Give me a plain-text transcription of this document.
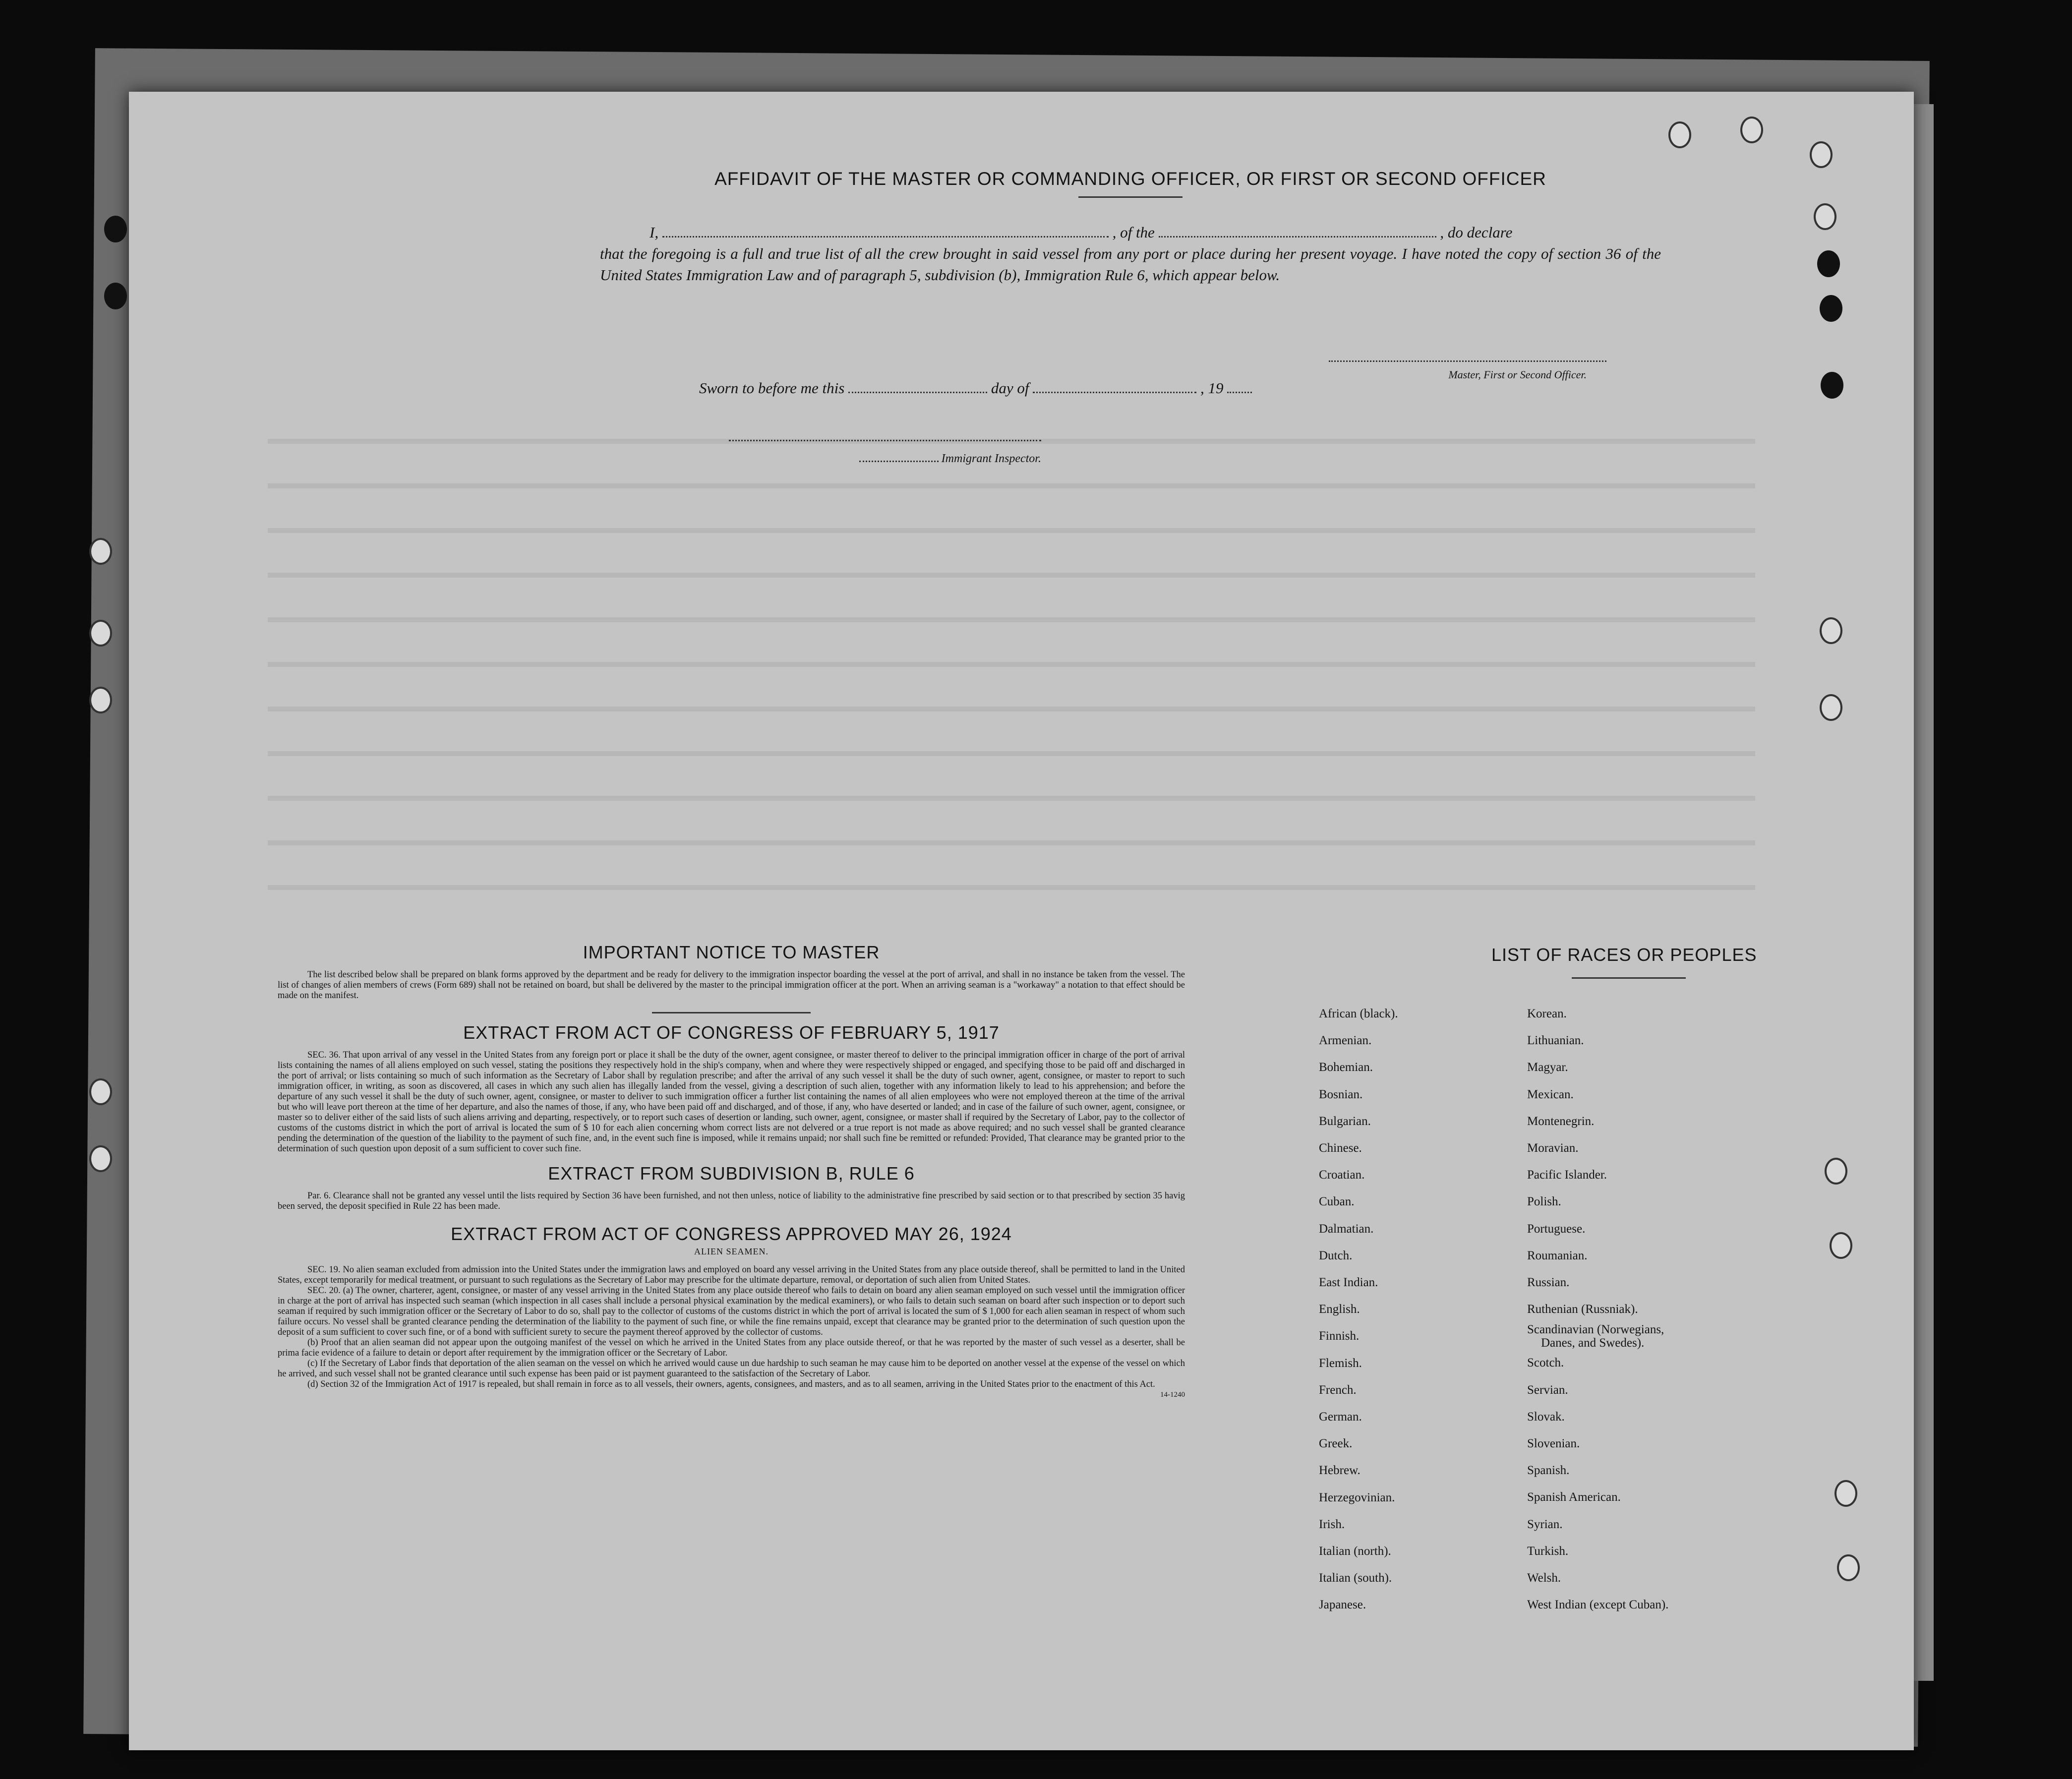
AFFIDAVIT OF THE MASTER OR COMMANDING OFFICER, OR FIRST OR SECOND OFFICER
I,	, of the	, do declare
that the foregoing is a full and true list of all the crew brought in said vessel from any port or place during her present voyage. I have noted the copy of section 36 of the United States Immigration Law and of paragraph 5, subdivision (b), Immigration Rule 6, which appear below.
Master, First or Second Officer.
Sworn to before me this	day of	, 19
Immigrant Inspector.
IMPORTANT NOTICE TO MASTER

The list described below shall be prepared on blank forms approved by the department and be ready for delivery to the immigration inspector boarding the vessel at the port of arrival, and shall in no instance be taken from the vessel. The list of changes of alien members of crews (Form 689) shall not be retained on board, but shall be delivered by the master to the principal immigration officer at the port. When an arriving seaman is a "workaway" a notation to that effect should be made on the manifest.

EXTRACT FROM ACT OF CONGRESS OF FEBRUARY 5, 1917

SEC. 36. That upon arrival of any vessel in the United States from any foreign port or place it shall be the duty of the owner, agent consignee, or master thereof to deliver to the principal immigration officer in charge of the port of arrival lists containing the names of all aliens employed on such vessel, stating the positions they respectively hold in the ship's company, when and where they were respectively shipped or engaged, and specifying those to be paid off and discharged in the port of arrival; or lists containing so much of such information as the Secretary of Labor shall by regulation prescribe; and after the arrival of any such vessel it shall be the duty of such owner, agent, consignee, or master to report to such immigration officer, in writing, as soon as discovered, all cases in which any such alien has illegally landed from the vessel, giving a description of such alien, together with any information likely to lead to his apprehension; and before the departure of any such vessel it shall be the duty of such owner, agent, consignee, or master to deliver to such immigration officer a further list containing the names of all alien employees who were not employed thereon at the time of the arrival but who will leave port thereon at the time of her departure, and also the names of those, if any, who have been paid off and discharged, and of those, if any, who have deserted or landed; and in case of the failure of such owner, agent, consignee, or master so to deliver either of the said lists of such aliens arriving and departing, respectively, or to report such cases of desertion or landing, such owner, agent, consignee, or master shall if required by the Secretary of Labor, pay to the collector of customs of the customs district in which the port of arrival is located the sum of $ 10 for each alien concerning whom correct lists are not delvered or a true report is not made as above required; and no such vessel shall be granted clearance pending the determination of the question of the liability to the payment of such fine, and, in the event such fine is imposed, while it remains unpaid; nor shall such fine be remitted or refunded: Provided, That clearance may be granted prior to the determination of such question upon deposit of a sum sufficient to cover such fine.

EXTRACT FROM SUBDIVISION B, RULE 6

Par. 6. Clearance shall not be granted any vessel until the lists required by Section 36 have been furnished, and not then unless, notice of liability to the administrative fine prescribed by said section or to that prescribed by section 35 havig been served, the deposit specified in Rule 22 has been made.

EXTRACT FROM ACT OF CONGRESS APPROVED MAY 26, 1924
ALIEN SEAMEN.

SEC. 19. No alien seaman excluded from admission into the United States under the immigration laws and employed on board any vessel arriving in the United States from any place outside thereof, shall be permitted to land in the United States, except temporarily for medical treatment, or pursuant to such regulations as the Secretary of Labor may prescribe for the ultimate departure, removal, or deportation of such alien from United States.

SEC. 20. (a) The owner, charterer, agent, consignee, or master of any vessel arriving in the United States from any place outside thereof who fails to detain on board any alien seaman employed on such vessel until the immigration officer in charge at the port of arrival has inspected such seaman (which inspection in all cases shall include a personal physical examination by the medical examiners), or who fails to detain such seaman on board after such inspection or to deport such seaman if required by such immigration officer or the Secretary of Labor to do so, shall pay to the collector of customs of the customs district in which the port of arrival is located the sum of $ 1,000 for each alien seaman in respect of whom such failure occurs. No vessel shall be granted clearance pending the determination of the liability to the payment of such fine, or while the fine remains unpaid, except that clearance may be granted prior to the determination of such question upon the deposit of a sum sufficient to cover such fine, or of a bond with sufficient surety to secure the payment thereof approved by the collector of customs.

(b) Proof that an alien seaman did not appear upon the outgoing manifest of the vessel on which he arrived in the United States from any place outside thereof, or that he was reported by the master of such vessel as a deserter, shall be prima facie evidence of a failure to detain or deport after requirement by the immigration officer or the Secretary of Labor.

(c) If the Secretary of Labor finds that deportation of the alien seaman on the vessel on which he arrived would cause un due hardship to such seaman he may cause him to be deported on another vessel at the expense of the vessel on which he arrived, and such vessel shall not be granted clearance until such expense has been paid or ist payment guaranteed to the satisfaction of the Secretary of Labor.

(d) Section 32 of the Immigration Act of 1917 is repealed, but shall remain in force as to all vessels, their owners, agents, consignees, and masters, and as to all seamen, arriving in the United States prior to the enactment of this Act.
14-1240

LIST OF RACES OR PEOPLES
African (black).
Armenian.
Bohemian.
Bosnian.
Bulgarian.
Chinese.
Croatian.
Cuban.
Dalmatian.
Dutch.
East Indian.
English.
Finnish.
Flemish.
French.
German.
Greek.
Hebrew.
Herzegovinian.
Irish.
Italian (north).
Italian (south).
Japanese.
Korean.
Lithuanian.
Magyar.
Mexican.
Montenegrin.
Moravian.
Pacific Islander.
Polish.
Portuguese.
Roumanian.
Russian.
Ruthenian (Russniak).
Scandinavian (Norwegians,
Danes, and Swedes).
Scotch.
Servian.
Slovak.
Slovenian.
Spanish.
Spanish American.
Syrian.
Turkish.
Welsh.
West Indian (except Cuban).
